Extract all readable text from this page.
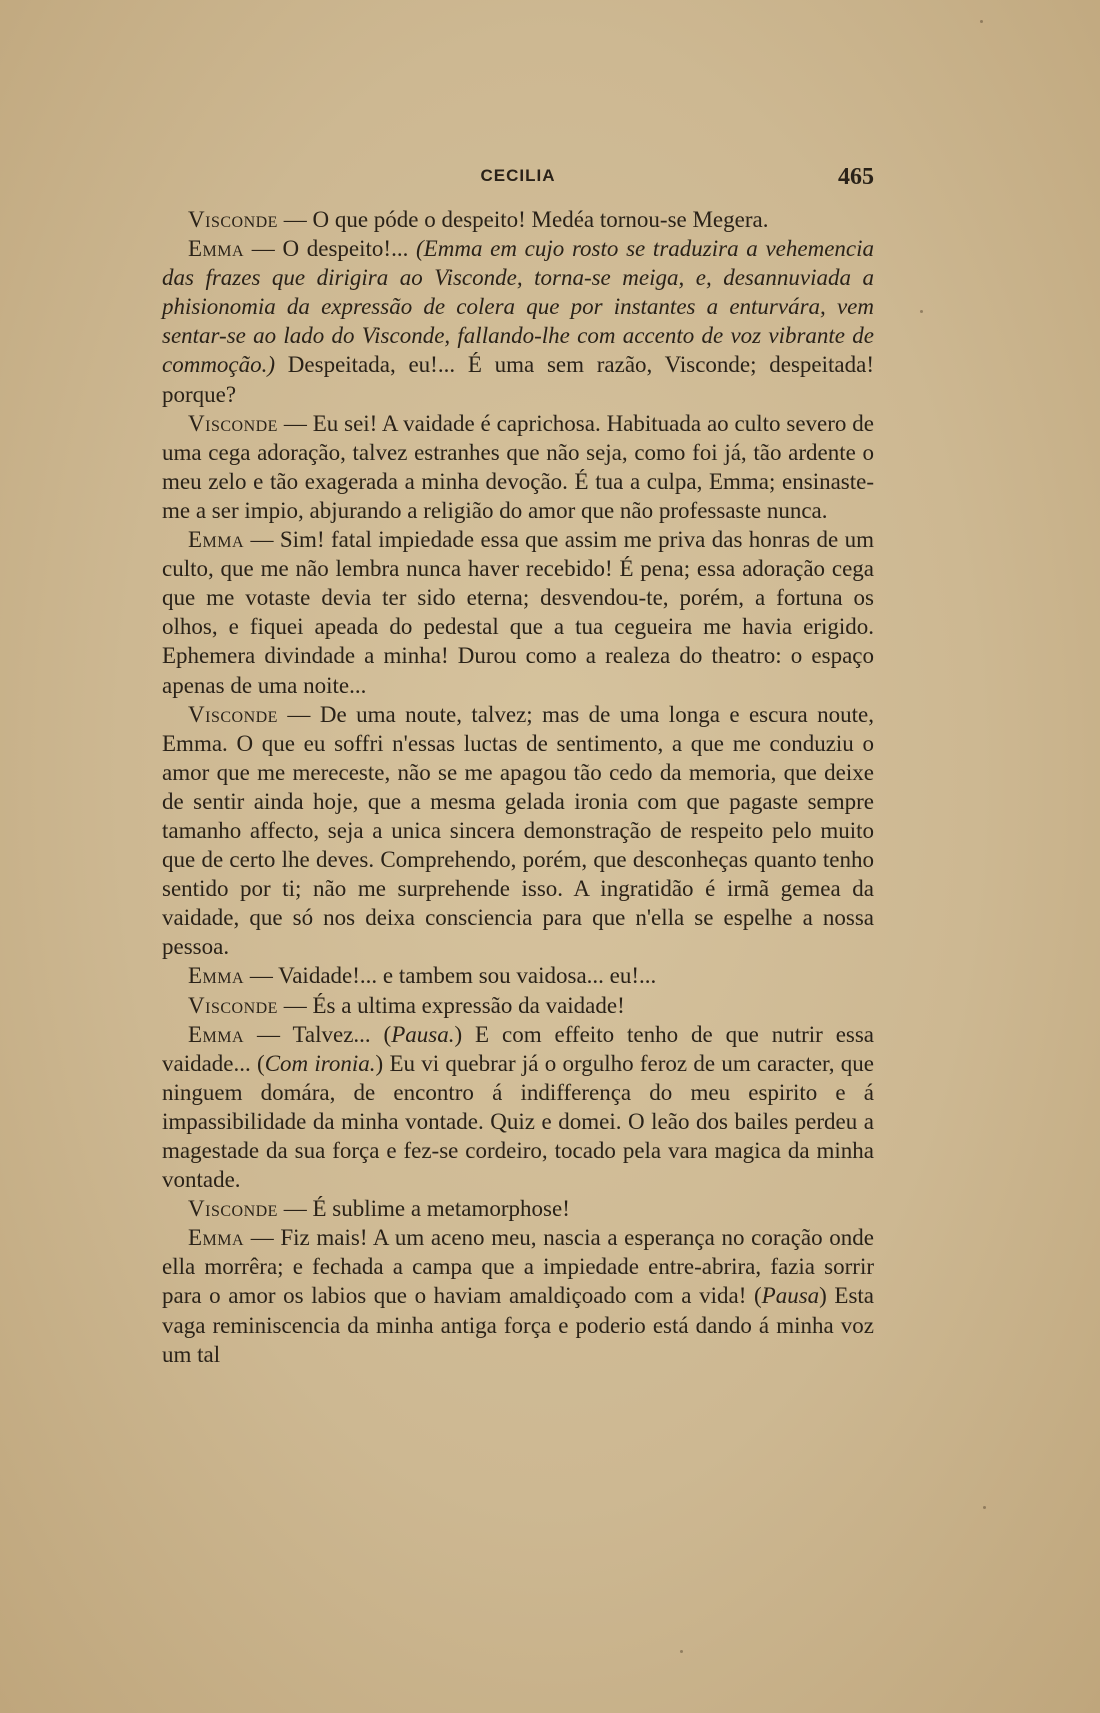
CECILIA	465

Visconde — O que póde o despeito! Medéa tornou-se Megera.

Emma — O despeito!... (Emma em cujo rosto se traduzira a vehemencia das frazes que dirigira ao Visconde, torna-se meiga, e, desannuviada a phisionomia da expressão de colera que por instantes a enturvára, vem sentar-se ao lado do Visconde, fallando-lhe com accento de voz vibrante de commoção.) Despeitada, eu!... É uma sem razão, Visconde; despeitada! porque?

Visconde — Eu sei! A vaidade é caprichosa. Habituada ao culto severo de uma cega adoração, talvez estranhes que não seja, como foi já, tão ardente o meu zelo e tão exagerada a minha devoção. É tua a culpa, Emma; ensinaste-me a ser impio, abjurando a religião do amor que não professaste nunca.

Emma — Sim! fatal impiedade essa que assim me priva das honras de um culto, que me não lembra nunca haver recebido! É pena; essa adoração cega que me votaste devia ter sido eterna; desvendou-te, porém, a fortuna os olhos, e fiquei apeada do pedestal que a tua cegueira me havia erigido. Ephemera divindade a minha! Durou como a realeza do theatro: o espaço apenas de uma noite...

Visconde — De uma noute, talvez; mas de uma longa e escura noute, Emma. O que eu soffri n'essas luctas de sentimento, a que me conduziu o amor que me mereceste, não se me apagou tão cedo da memoria, que deixe de sentir ainda hoje, que a mesma gelada ironia com que pagaste sempre tamanho affecto, seja a unica sincera demonstração de respeito pelo muito que de certo lhe deves. Comprehendo, porém, que desconheças quanto tenho sentido por ti; não me surprehende isso. A ingratidão é irmã gemea da vaidade, que só nos deixa consciencia para que n'ella se espelhe a nossa pessoa.

Emma — Vaidade!... e tambem sou vaidosa... eu!...

Visconde — És a ultima expressão da vaidade!

Emma — Talvez... (Pausa.) E com effeito tenho de que nutrir essa vaidade... (Com ironia.) Eu vi quebrar já o orgulho feroz de um caracter, que ninguem domára, de encontro á indifferença do meu espirito e á impassibilidade da minha vontade. Quiz e domei. O leão dos bailes perdeu a magestade da sua força e fez-se cordeiro, tocado pela vara magica da minha vontade.

Visconde — É sublime a metamorphose!

Emma — Fiz mais! A um aceno meu, nascia a esperança no coração onde ella morrêra; e fechada a campa que a impiedade entre-abrira, fazia sorrir para o amor os labios que o haviam amaldiçoado com a vida! (Pausa) Esta vaga reminiscencia da minha antiga força e poderio está dando á minha voz um tal
